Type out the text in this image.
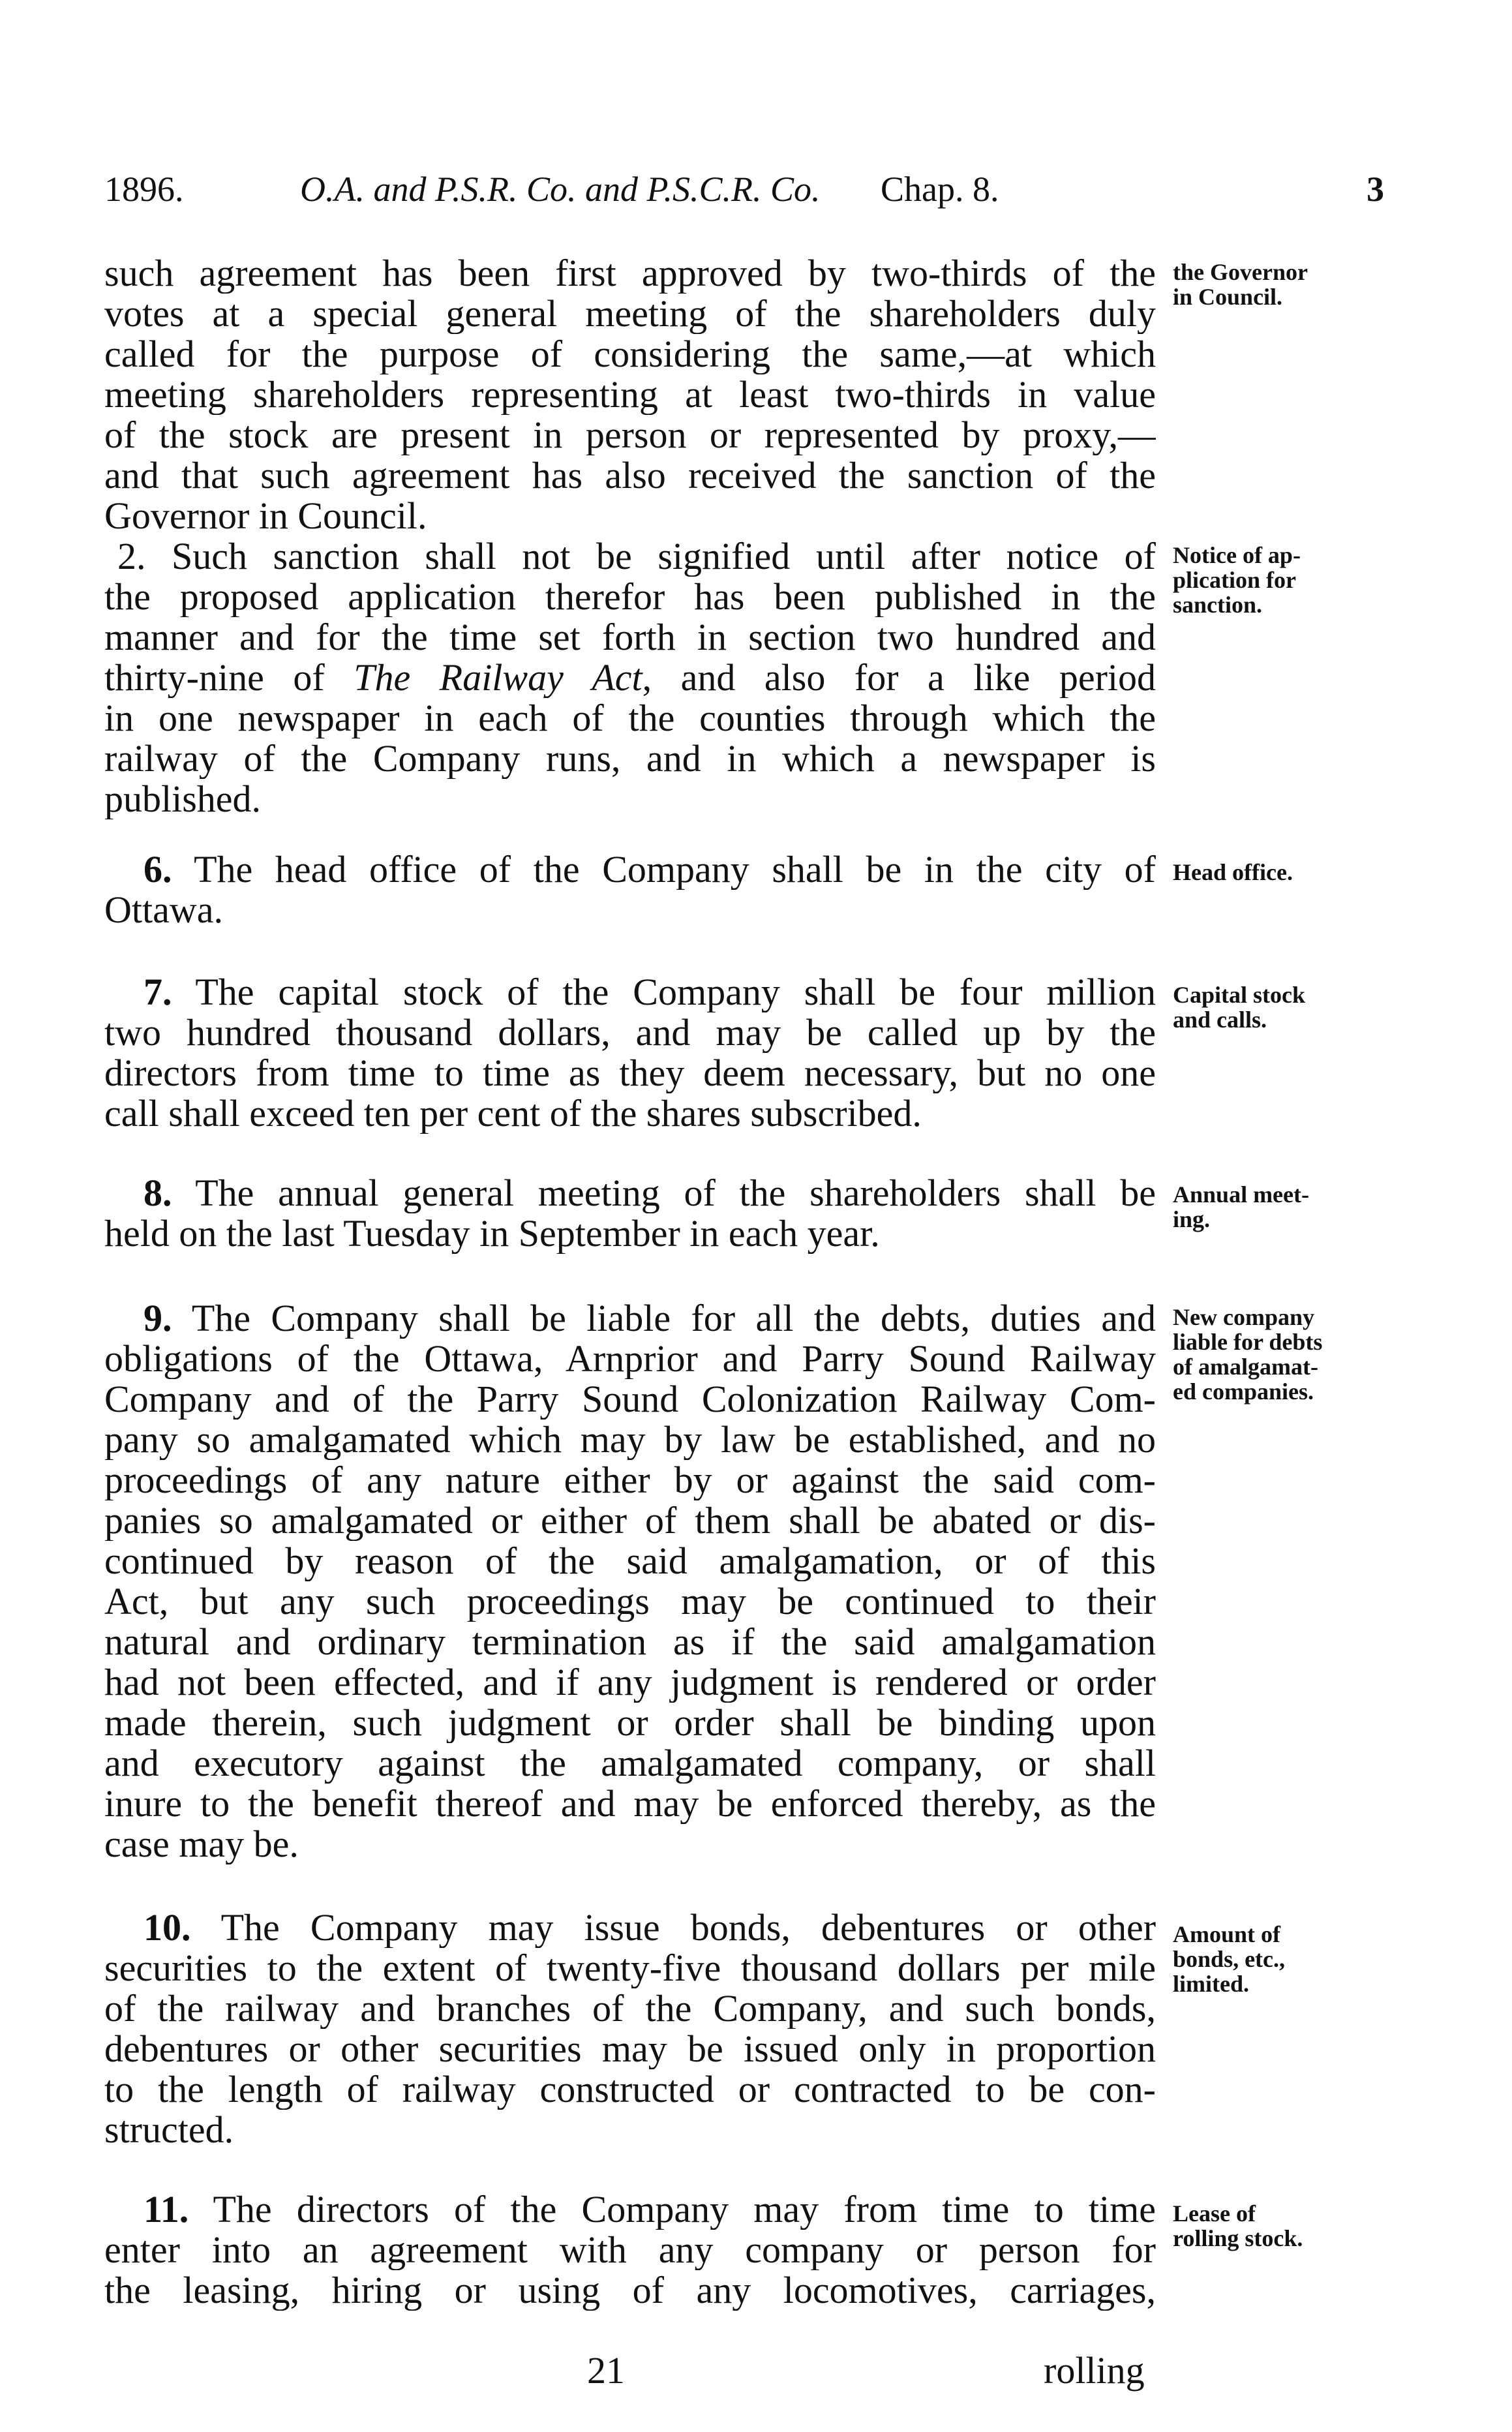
1896.	O.A. and P.S.R. Co. and P.S.C.R. Co. Chap. 8.	3
such agreement has been first approved by two-thirds of the
votes at a special general meeting of the shareholders duly
called for the purpose of considering the same,—at which
meeting shareholders representing at least two-thirds in value
of the stock are present in person or represented by proxy,—
and that such agreement has also received the sanction of the
Governor in Council.
the Governor
in Council.
2. Such sanction shall not be signified until after notice of
the proposed application therefor has been published in the
manner and for the time set forth in section two hundred and
thirty-nine of The Railway Act, and also for a like period
in one newspaper in each of the counties through which the
railway of the Company runs, and in which a newspaper is
published.
Notice of ap-
plication for
sanction.
6. The head office of the Company shall be in the city of
Ottawa.
Head office.
7. The capital stock of the Company shall be four million
two hundred thousand dollars, and may be called up by the
directors from time to time as they deem necessary, but no one
call shall exceed ten per cent of the shares subscribed.
Capital stock
and calls.
8. The annual general meeting of the shareholders shall be
held on the last Tuesday in September in each year.
Annual meet-
ing.
9. The Company shall be liable for all the debts, duties and
obligations of the Ottawa, Arnprior and Parry Sound Railway
Company and of the Parry Sound Colonization Railway Com-
pany so amalgamated which may by law be established, and no
proceedings of any nature either by or against the said com-
panies so amalgamated or either of them shall be abated or dis-
continued by reason of the said amalgamation, or of this
Act, but any such proceedings may be continued to their
natural and ordinary termination as if the said amalgamation
had not been effected, and if any judgment is rendered or order
made therein, such judgment or order shall be binding upon
and executory against the amalgamated company, or shall
inure to the benefit thereof and may be enforced thereby, as the
case may be.
New company
liable for debts
of amalgamat-
ed companies.
10. The Company may issue bonds, debentures or other
securities to the extent of twenty-five thousand dollars per mile
of the railway and branches of the Company, and such bonds,
debentures or other securities may be issued only in proportion
to the length of railway constructed or contracted to be con-
structed.
Amount of
bonds, etc.,
limited.
11. The directors of the Company may from time to time
enter into an agreement with any company or person for
the leasing, hiring or using of any locomotives, carriages,
Lease of
rolling stock.
21	rolling
